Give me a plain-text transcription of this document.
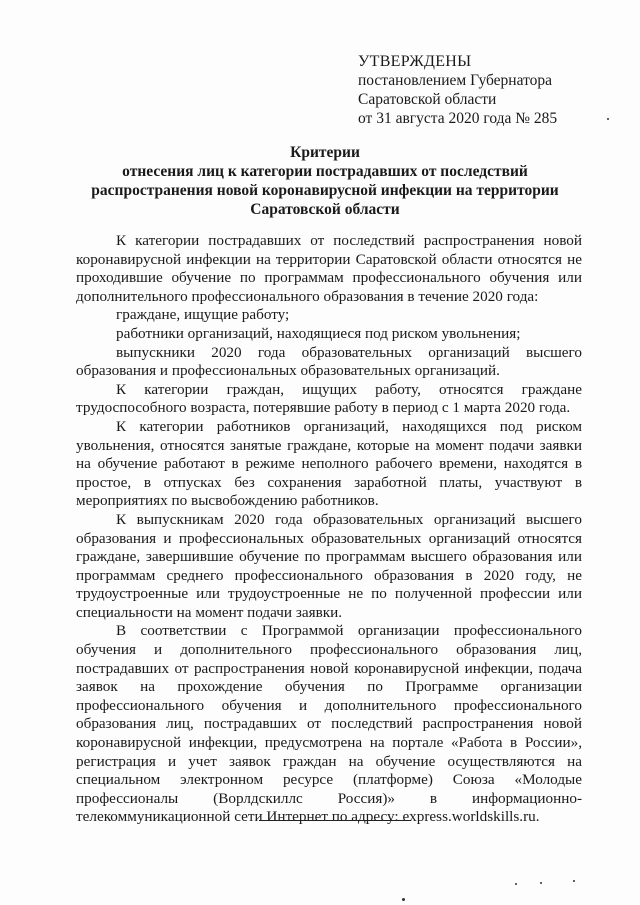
УТВЕРЖДЕНЫ
постановлением Губернатора
Саратовской области
от 31 августа 2020 года № 285
Критерии
отнесения лиц к категории пострадавших от последствий
распространения новой коронавирусной инфекции на территории
Саратовской области

К категории пострадавших от последствий распространения новой коронавирусной инфекции на территории Саратовской области относятся не проходившие обучение по программам профессионального обучения или дополнительного профессионального образования в течение 2020 года:

граждане, ищущие работу;

работники организаций, находящиеся под риском увольнения;

выпускники 2020 года образовательных организаций высшего образования и профессиональных образовательных организаций.

К категории граждан, ищущих работу, относятся граждане трудоспособного возраста, потерявшие работу в период с 1 марта 2020 года.

К категории работников организаций, находящихся под риском увольнения, относятся занятые граждане, которые на момент подачи заявки на обучение работают в режиме неполного рабочего времени, находятся в простое, в отпусках без сохранения заработной платы, участвуют в мероприятиях по высвобождению работников.

К выпускникам 2020 года образовательных организаций высшего образования и профессиональных образовательных организаций относятся граждане, завершившие обучение по программам высшего образования или программам среднего профессионального образования в 2020 году, не трудоустроенные или трудоустроенные не по полученной профессии или специальности на момент подачи заявки.

В соответствии с Программой организации профессионального обучения и дополнительного профессионального образования лиц, пострадавших от распространения новой коронавирусной инфекции, подача заявок на прохождение обучения по Программе организации профессионального обучения и дополнительного профессионального образования лиц, пострадавших от последствий распространения новой коронавирусной инфекции, предусмотрена на портале «Работа в России», регистрация и учет заявок граждан на обучение осуществляются на специальном электронном ресурсе (платформе) Союза «Молодые профессионалы (Ворлдскиллс Россия)» в информационно-телекоммуникационной сети Интернет по адресу: express.worldskills.ru.
